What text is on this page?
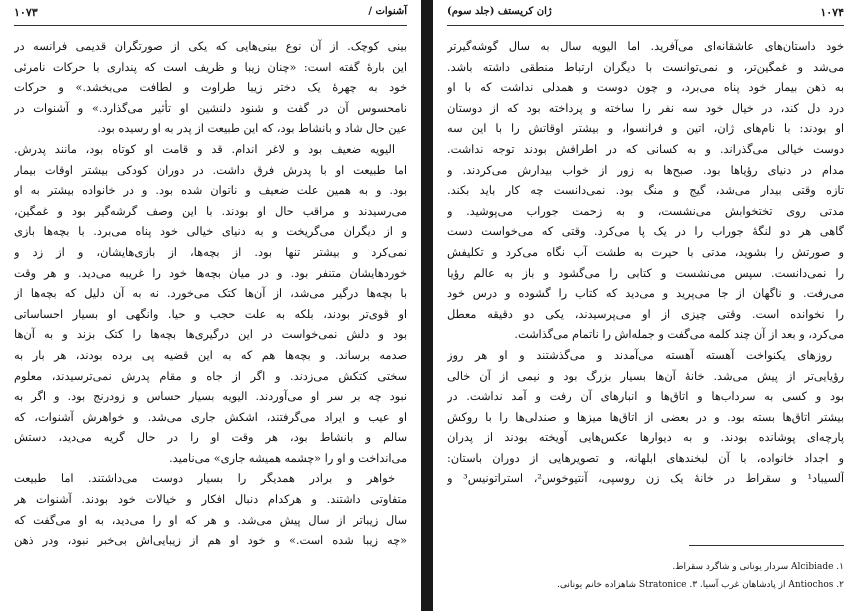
آشنوات /
۱۰۷۳
بینی کوچک. از آن نوع بینی‌هایی که یکی از صورتگران قدیمی فرانسه در
این بارهٔ گفته است: «چنان زیبا و ظریف است که پنداری با حرکات نامرئی
خود به چهرهٔ یک دختر زیبا طراوت و لطافت می‌بخشد.» و حرکات
نامحسوس آن در گفت و شنود دلنشین او تأثیر می‌گذارد.» و آشنوات در
عین حال شاد و بانشاط بود، که این طبیعت از پدر به او رسیده بود.
الیویه ضعیف بود و لاغر اندام. قد و قامت او کوتاه بود، مانند پدرش.
اما طبیعت او با پدرش فرق داشت. در دوران کودکی بیشتر اوقات بیمار
بود. و به همین علت ضعیف و ناتوان شده بود. و در خانواده بیشتر به او
می‌رسیدند و مراقب حال او بودند. با این وصف گرشه‌گیر بود و غمگین،
و از دیگران می‌گریخت و به دنیای خیالی خود پناه می‌برد. با بچه‌ها بازی
نمی‌کرد و بیشتر تنها بود. از بچه‌ها، از بازی‌هایشان، و از زد و
خوردهایشان متنفر بود. و در میان بچه‌ها خود را غریبه می‌دید. و هر وقت
با بچه‌ها درگیر می‌شد، از آن‌ها کتک می‌خورد. نه به آن دلیل که بچه‌ها از
او قوی‌تر بودند، بلکه به علت حجب و حیا. وانگهی او بسیار احساساتی
بود و دلش نمی‌خواست در این درگیری‌ها بچه‌ها را کتک بزند و به آن‌ها
صدمه برساند. و بچه‌ها هم که به این قضیه پی برده بودند، هر بار به
سختی کتکش می‌زدند. و اگر از جاه و مقام پدرش نمی‌ترسیدند، معلوم
نبود چه بر سر او می‌آوردند. الیویه بسیار حساس و زودرنج بود. و اگر به
او عیب و ایراد می‌گرفتند، اشکش جاری می‌شد. و خواهرش آشنوات، که
سالم و بانشاط بود، هر وقت او را در حال گریه می‌دید، دستش
می‌انداخت و او را «چشمه همیشه جاری» می‌نامید.
خواهر و برادر همدیگر را بسیار دوست می‌داشتند. اما طبیعت
متفاوتی داشتند. و هرکدام دنبال افکار و خیالات خود بودند. آشنوات هر
سال زیباتر از سال پیش می‌شد. و هر که او را می‌دید، به او می‌گفت که
«چه زیبا شده است.» و خود او هم از زیبایی‌اش بی‌خبر نبود، ودر ذهن
۱۰۷۴
ژان کریستف (جلد سوم)
خود داستان‌های عاشقانه‌ای می‌آفرید. اما الیویه سال به سال گوشه‌گیرتر
می‌شد و غمگین‌تر، و نمی‌توانست با دیگران ارتباط منطقی داشته باشد.
به ذهن بیمار خود پناه می‌برد، و چون دوست و همدلی نداشت که با او
درد دل کند، در خیال خود سه نفر را ساخته و پرداخته بود که از دوستان
او بودند: با نام‌های ژان، اتین و فرانسوا، و بیشتر اوقاتش را با این سه
دوست خیالی می‌گذراند. و به کسانی که در اطرافش بودند توجه نداشت.
مدام در دنیای رؤیاها بود. صبح‌ها به زور از خواب بیدارش می‌کردند. و
تازه وقتی بیدار می‌شد، گیج و منگ بود. نمی‌دانست چه کار باید بکند.
مدتی روی تختخوابش می‌نشست، و به زحمت جوراب می‌پوشید. و
گاهی هر دو لنگهٔ جوراب را در یک پا می‌کرد. وقتی که می‌خواست دست
و صورتش را بشوید، مدتی با حیرت به طشت آب نگاه می‌کرد و تکلیفش
را نمی‌دانست. سپس می‌نشست و کتابی را می‌گشود و باز به عالم رؤیا
می‌رفت. و ناگهان از جا می‌پرید و می‌دید که کتاب را گشوده و درس خود
را نخوانده است. وقتی چیزی از او می‌پرسیدند، یکی دو دقیقه معطل
می‌کرد، و بعد از آن چند کلمه می‌گفت و جمله‌اش را ناتمام می‌گذاشت.
روزهای یکنواخت آهسته آهسته می‌آمدند و می‌گذشتند و او هر روز
رؤیایی‌تر از پیش می‌شد. خانهٔ آن‌ها بسیار بزرگ بود و نیمی از آن خالی
بود و کسی به سرداب‌ها و اتاق‌ها و انبارهای آن رفت و آمد نداشت. در
بیشتر اتاق‌ها بسته بود. و در بعضی از اتاق‌ها میزها و صندلی‌ها را با روکش
پارچه‌ای پوشانده بودند. و به دیوارها عکس‌هایی آویخته بودند از پدران
و اجداد خانواده، با آن لبخندهای ابلهانه، و تصویرهایی از دوران باستان:
آلسیباد¹ و سقراط در خانهٔ یک زن روسپی، آنتیوخوس²، استراتونیس³ و
۱. Alcibiade سردار یونانی و شاگرد سقراط.
۲. Antiochos از پادشاهان غرب آسیا. ۳. Stratonice شاهزاده خانم یونانی.
